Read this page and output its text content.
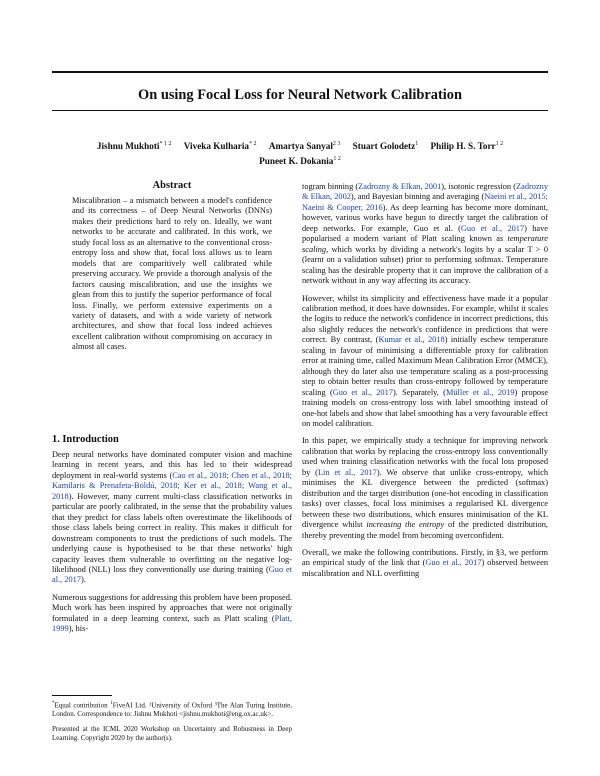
On using Focal Loss for Neural Network Calibration
Jishnu Mukhoti$^{* 1 2}$ Viveka Kulharia$^{* 2}$ Amartya Sanyal$^{2 3}$ Stuart Golodetz$^1$ Philip H. S. Torr$^{1 2}$
Puneet K. Dokania$^{1 2}$
Abstract
Miscalibration – a mismatch between a model's confidence and its correctness – of Deep Neural Networks (DNNs) makes their predictions hard to rely on. Ideally, we want networks to be accurate and calibrated. In this work, we study focal loss as an alternative to the conventional cross-entropy loss and show that, focal loss allows us to learn models that are comparitively well calibrated while preserving accuracy. We provide a thorough analysis of the factors causing miscalibration, and use the insights we glean from this to justify the superior performance of focal loss. Finally, we perform extensive experiments on a variety of datasets, and with a wide variety of network architectures, and show that focal loss indeed achieves excellent calibration without compromising on accuracy in almost all cases.
1. Introduction

Deep neural networks have dominated computer vision and machine learning in recent years, and this has led to their widespread deployment in real-world systems (Cao et al., 2018; Chen et al., 2018; Kamilaris & Prenafeta-Boldú, 2018; Ker et al., 2018; Wang et al., 2018). However, many current multi-class classification networks in particular are poorly calibrated, in the sense that the probability values that they predict for class labels often overestimate the likelihoods of those class labels being correct in reality. This makes it difficult for downstream components to trust the predictions of such models. The underlying cause is hypothesised to be that these networks' high capacity leaves them vulnerable to overfitting on the negative log-likelihood (NLL) loss they conventionally use during training (Guo et al., 2017).

Numerous suggestions for addressing this problem have been proposed. Much work has been inspired by approaches that were not originally formulated in a deep learning context, such as Platt scaling (Platt, 1999), his-

*Equal contribution $^1$FiveAI Ltd. ²University of Oxford ³The Alan Turing Institute, London. Correspondence to: Jishnu Mukhoti <jishnu.mukhoti@eng.ox.ac.uk>.

Presented at the ICML 2020 Workshop on Uncertainty and Robustness in Deep Learning. Copyright 2020 by the author(s).

togram binning (Zadrozny & Elkan, 2001), isotonic regression (Zadrozny & Elkan, 2002), and Bayesian binning and averaging (Naeini et al., 2015; Naeini & Cooper, 2016). As deep learning has become more dominant, however, various works have begun to directly target the calibration of deep networks. For example, Guo et al. (Guo et al., 2017) have popularised a modern variant of Platt scaling known as temperature scaling, which works by dividing a network's logits by a scalar T > 0 (learnt on a validation subset) prior to performing softmax. Temperature scaling has the desirable property that it can improve the calibration of a network without in any way affecting its accuracy.

However, whilst its simplicity and effectiveness have made it a popular calibration method, it does have downsides. For example, whilst it scales the logits to reduce the network's confidence in incorrect predictions, this also slightly reduces the network's confidence in predictions that were correct. By contrast, (Kumar et al., 2018) initially eschew temperature scaling in favour of minimising a differentiable proxy for calibration error at training time, called Maximum Mean Calibration Error (MMCE), although they do later also use temperature scaling as a post-processing step to obtain better results than cross-entropy followed by temperature scaling (Guo et al., 2017). Separately, (Müller et al., 2019) propose training models on cross-entropy loss with label smoothing instead of one-hot labels and show that label smoothing has a very favourable effect on model calibration.

In this paper, we empirically study a technique for improving network calibration that works by replacing the cross-entropy loss conventionally used when training classification networks with the focal loss proposed by (Lin et al., 2017). We observe that unlike cross-entropy, which minimises the KL divergence between the predicted (softmax) distribution and the target distribution (one-hot encoding in classification tasks) over classes, focal loss minimises a regularised KL divergence between these two distributions, which ensures minimisation of the KL divergence whilst increasing the entropy of the predicted distribution, thereby preventing the model from becoming overconfident.

Overall, we make the following contributions. Firstly, in §3, we perform an empirical study of the link that (Guo et al., 2017) observed between miscalibration and NLL overfitting
